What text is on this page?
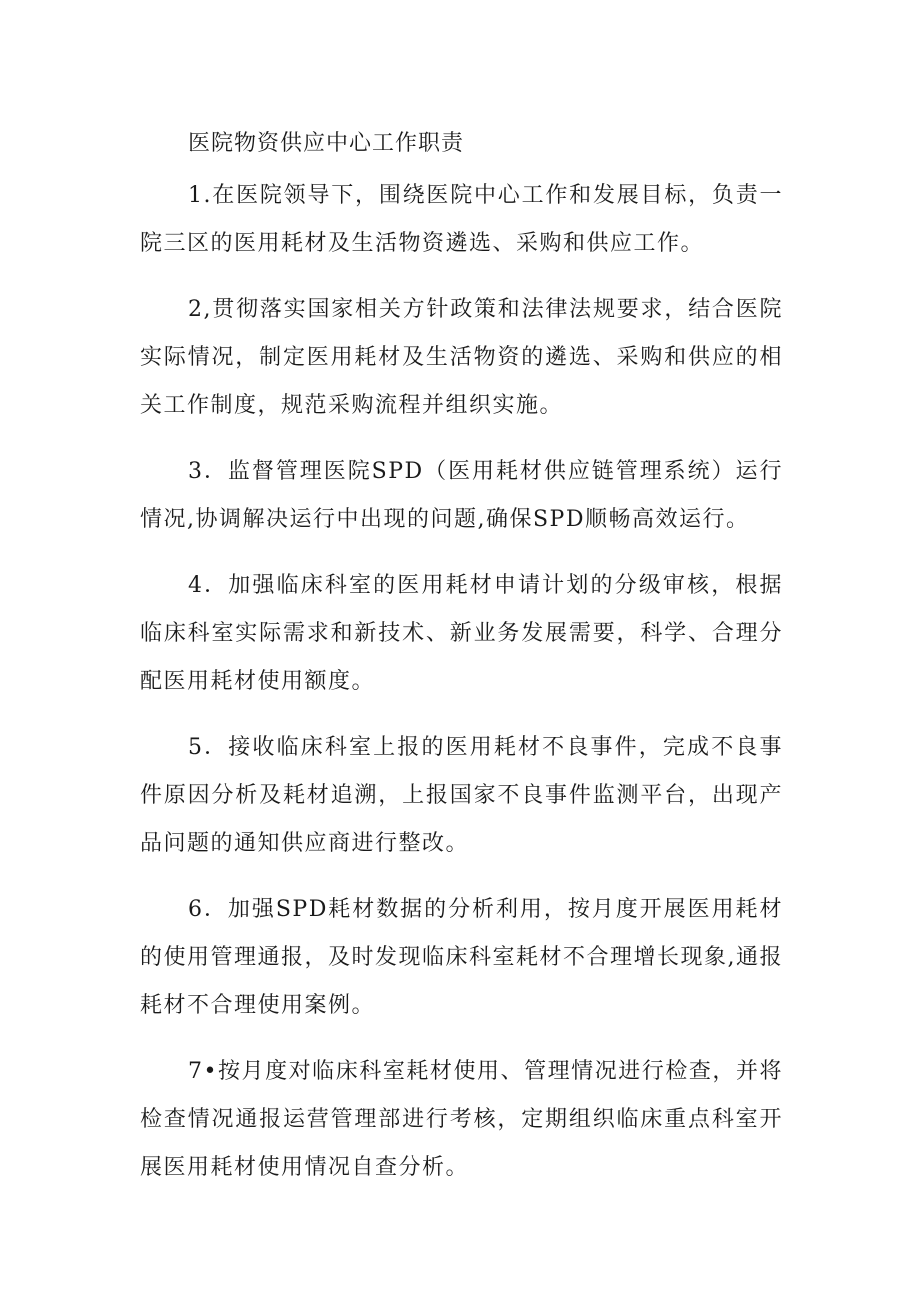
医院物资供应中心工作职责

1.在医院领导下，围绕医院中心工作和发展目标，负责一院三区的医用耗材及生活物资遴选、采购和供应工作。

2,贯彻落实国家相关方针政策和法律法规要求，结合医院实际情况，制定医用耗材及生活物资的遴选、采购和供应的相关工作制度，规范采购流程并组织实施。

3．监督管理医院SPD（医用耗材供应链管理系统）运行情况,协调解决运行中出现的问题,确保SPD顺畅高效运行。

4．加强临床科室的医用耗材申请计划的分级审核，根据临床科室实际需求和新技术、新业务发展需要，科学、合理分配医用耗材使用额度。

5．接收临床科室上报的医用耗材不良事件，完成不良事件原因分析及耗材追溯，上报国家不良事件监测平台，出现产品问题的通知供应商进行整改。

6．加强SPD耗材数据的分析利用，按月度开展医用耗材的使用管理通报，及时发现临床科室耗材不合理增长现象,通报耗材不合理使用案例。

7•按月度对临床科室耗材使用、管理情况进行检查，并将检查情况通报运营管理部进行考核，定期组织临床重点科室开展医用耗材使用情况自查分析。
